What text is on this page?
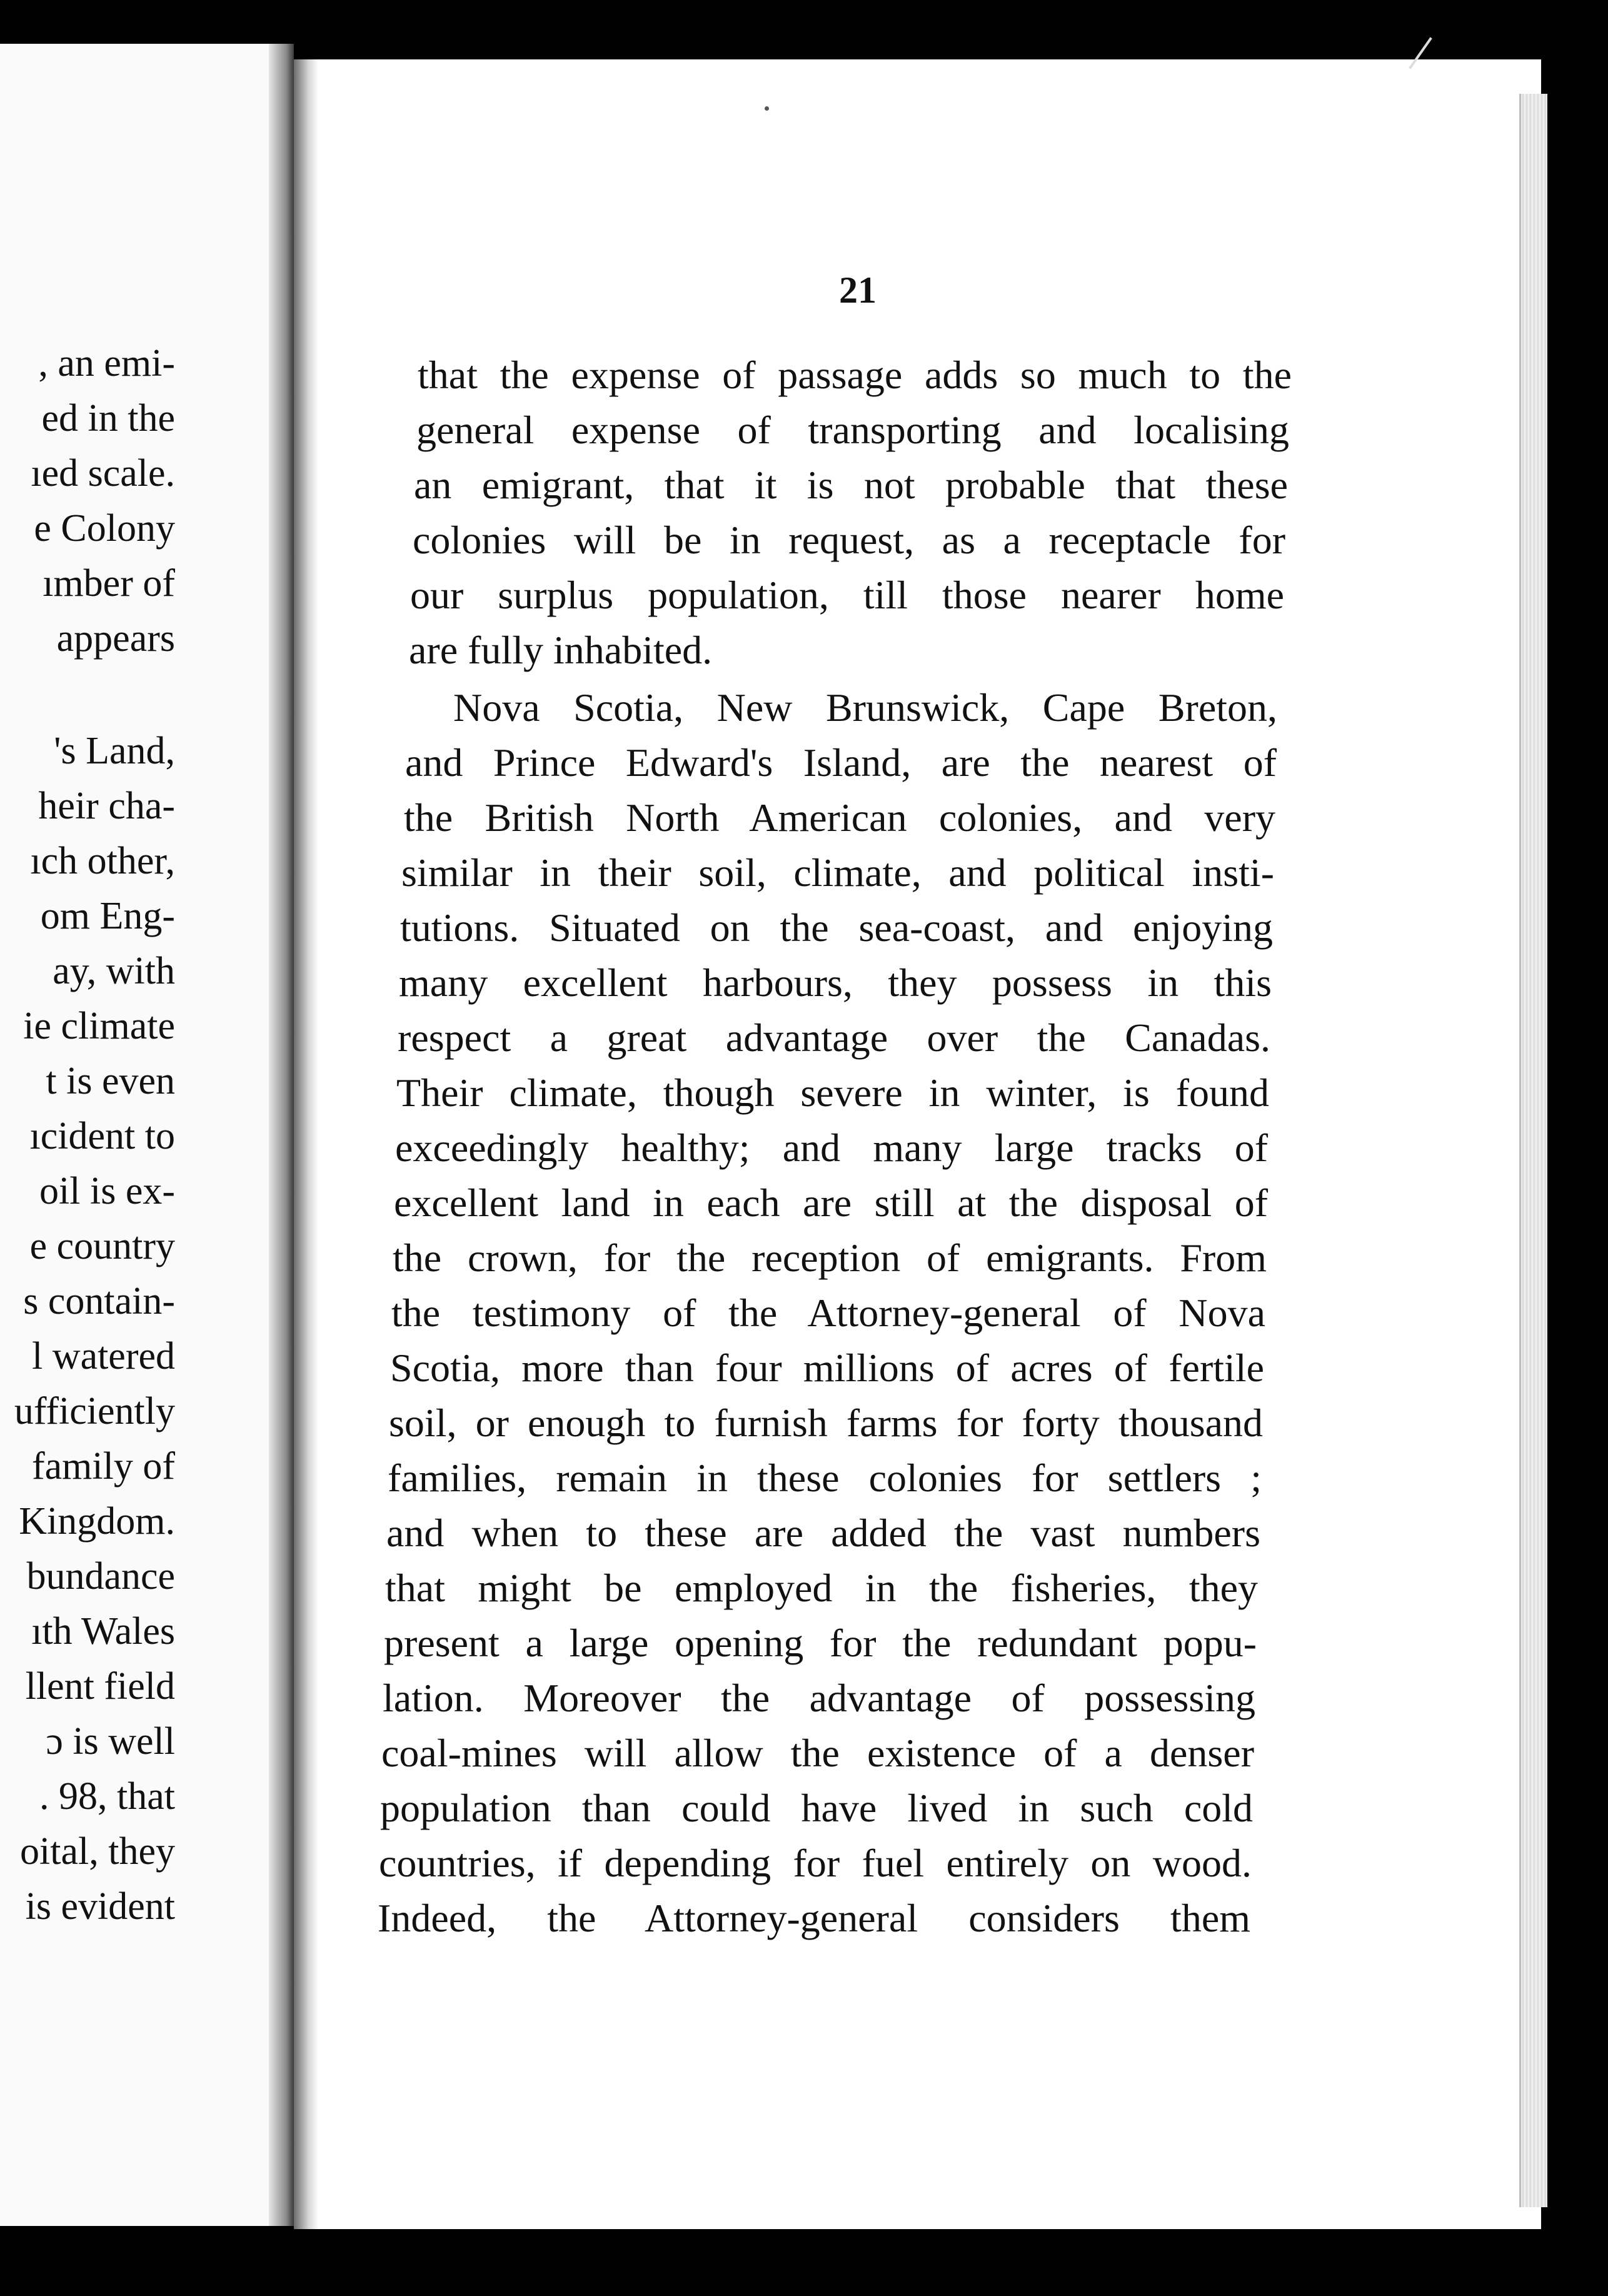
, an emi-
ed in the
ıed scale.
e Colony
ımber of
appears
's Land,
heir cha-
ıch other,
om Eng-
ay, with
ie climate
t is even
ıcident to
oil is ex-
e country
s contain-
l watered
ufficiently
family of
Kingdom.
bundance
ıth Wales
llent field
ɔ is well
. 98, that
oital, they
is evident
21
that the expense of passage adds so much to the
general expense of transporting and localising
an emigrant, that it is not probable that these
colonies will be in request, as a receptacle for
our surplus population, till those nearer home
are fully inhabited.
Nova Scotia, New Brunswick, Cape Breton,
and Prince Edward's Island, are the nearest of
the British North American colonies, and very
similar in their soil, climate, and political insti-
tutions. Situated on the sea-coast, and enjoying
many excellent harbours, they possess in this
respect a great advantage over the Canadas.
Their climate, though severe in winter, is found
exceedingly healthy; and many large tracks of
excellent land in each are still at the disposal of
the crown, for the reception of emigrants. From
the testimony of the Attorney-general of Nova
Scotia, more than four millions of acres of fertile
soil, or enough to furnish farms for forty thousand
families, remain in these colonies for settlers ;
and when to these are added the vast numbers
that might be employed in the fisheries, they
present a large opening for the redundant popu-
lation. Moreover the advantage of possessing
coal-mines will allow the existence of a denser
population than could have lived in such cold
countries, if depending for fuel entirely on wood.
Indeed, the Attorney-general considers them
